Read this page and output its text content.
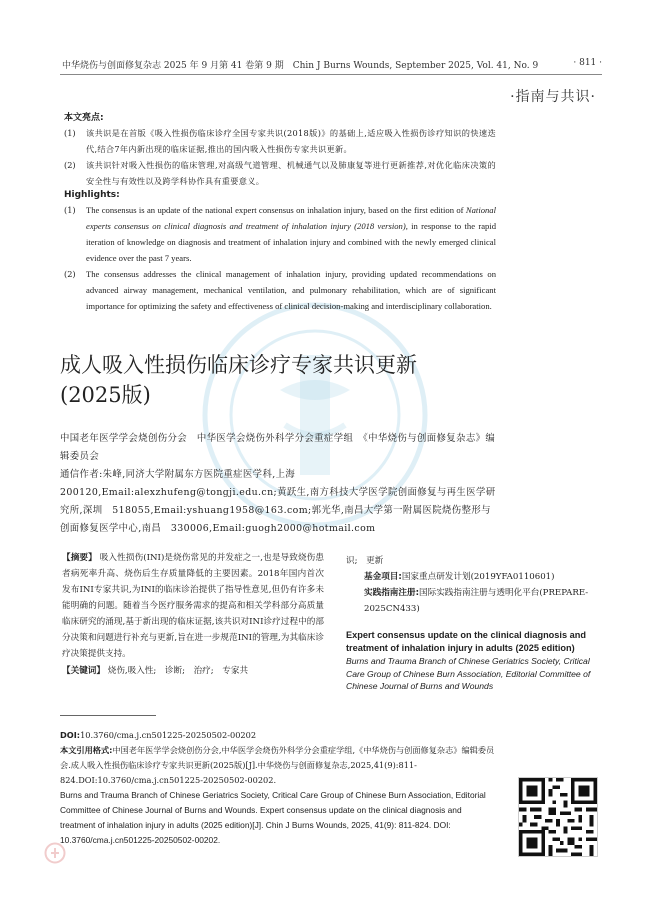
中华烧伤与创面修复杂志 2025 年 9 月第 41 卷第 9 期　Chin J Burns Wounds, September 2025, Vol. 41, No. 9	· 811 ·
·指南与共识·
本文亮点:
(1)	该共识是在首版《吸入性损伤临床诊疗全国专家共识(2018版)》的基础上,适应吸入性损伤诊疗知识的快速迭代,结合7年内新出现的临床证据,推出的国内吸入性损伤专家共识更新。
(2)	该共识针对吸入性损伤的临床管理,对高级气道管理、机械通气以及肺康复等进行更新推荐,对优化临床决策的安全性与有效性以及跨学科协作具有重要意义。
Highlights:
(1)	The consensus is an update of the national expert consensus on inhalation injury, based on the first edition of National experts consensus on clinical diagnosis and treatment of inhalation injury (2018 version), in response to the rapid iteration of knowledge on diagnosis and treatment of inhalation injury and combined with the newly emerged clinical evidence over the past 7 years.
(2)	The consensus addresses the clinical management of inhalation injury, providing updated recommendations on advanced airway management, mechanical ventilation, and pulmonary rehabilitation, which are of significant importance for optimizing the safety and effectiveness of clinical decision-making and interdisciplinary collaboration.
成人吸入性损伤临床诊疗专家共识更新
(2025版)
中国老年医学学会烧创伤分会　中华医学会烧伤外科学分会重症学组　《中华烧伤与创面修复杂志》编辑委员会
通信作者:朱峰,同济大学附属东方医院重症医学科,上海　200120,Email:alexzhufeng@tongji.edu.cn;黄跃生,南方科技大学医学院创面修复与再生医学研究所,深圳　518055,Email:yshuang1958@163.com;郭光华,南昌大学第一附属医院烧伤整形与创面修复医学中心,南昌　330006,Email:guogh2000@hotmail.com
【摘要】 吸入性损伤(INI)是烧伤常见的并发症之一,也是导致烧伤患者病死率升高、烧伤后生存质量降低的主要因素。2018年国内首次发布INI专家共识,为INI的临床诊治提供了指导性意见,但仍有许多未能明确的问题。随着当今医疗服务需求的提高和相关学科部分高质量临床研究的涌现,基于新出现的临床证据,该共识对INI诊疗过程中的部分决策和问题进行补充与更新,旨在进一步规范INI的管理,为其临床诊疗决策提供支持。
【关键词】 烧伤,吸入性;　诊断;　治疗;　专家共
识;　更新
基金项目:国家重点研发计划(2019YFA0110601)
实践指南注册:国际实践指南注册与透明化平台(PREPARE-2025CN433)
Expert consensus update on the clinical diagnosis and treatment of inhalation injury in adults (2025 edition)
Burns and Trauma Branch of Chinese Geriatrics Society, Critical Care Group of Chinese Burn Association, Editorial Committee of Chinese Journal of Burns and Wounds
DOI:10.3760/cma.j.cn501225-20250502-00202
本文引用格式:中国老年医学学会烧创伤分会,中华医学会烧伤外科学分会重症学组,《中华烧伤与创面修复杂志》编辑委员会.成人吸入性损伤临床诊疗专家共识更新(2025版)[J].中华烧伤与创面修复杂志,2025,41(9):811-824.DOI:10.3760/cma.j.cn501225-20250502-00202.
Burns and Trauma Branch of Chinese Geriatrics Society, Critical Care Group of Chinese Burn Association, Editorial Committee of Chinese Journal of Burns and Wounds. Expert consensus update on the clinical diagnosis and treatment of inhalation injury in adults (2025 edition)[J]. Chin J Burns Wounds, 2025, 41(9): 811-824. DOI: 10.3760/cma.j.cn501225-20250502-00202.
